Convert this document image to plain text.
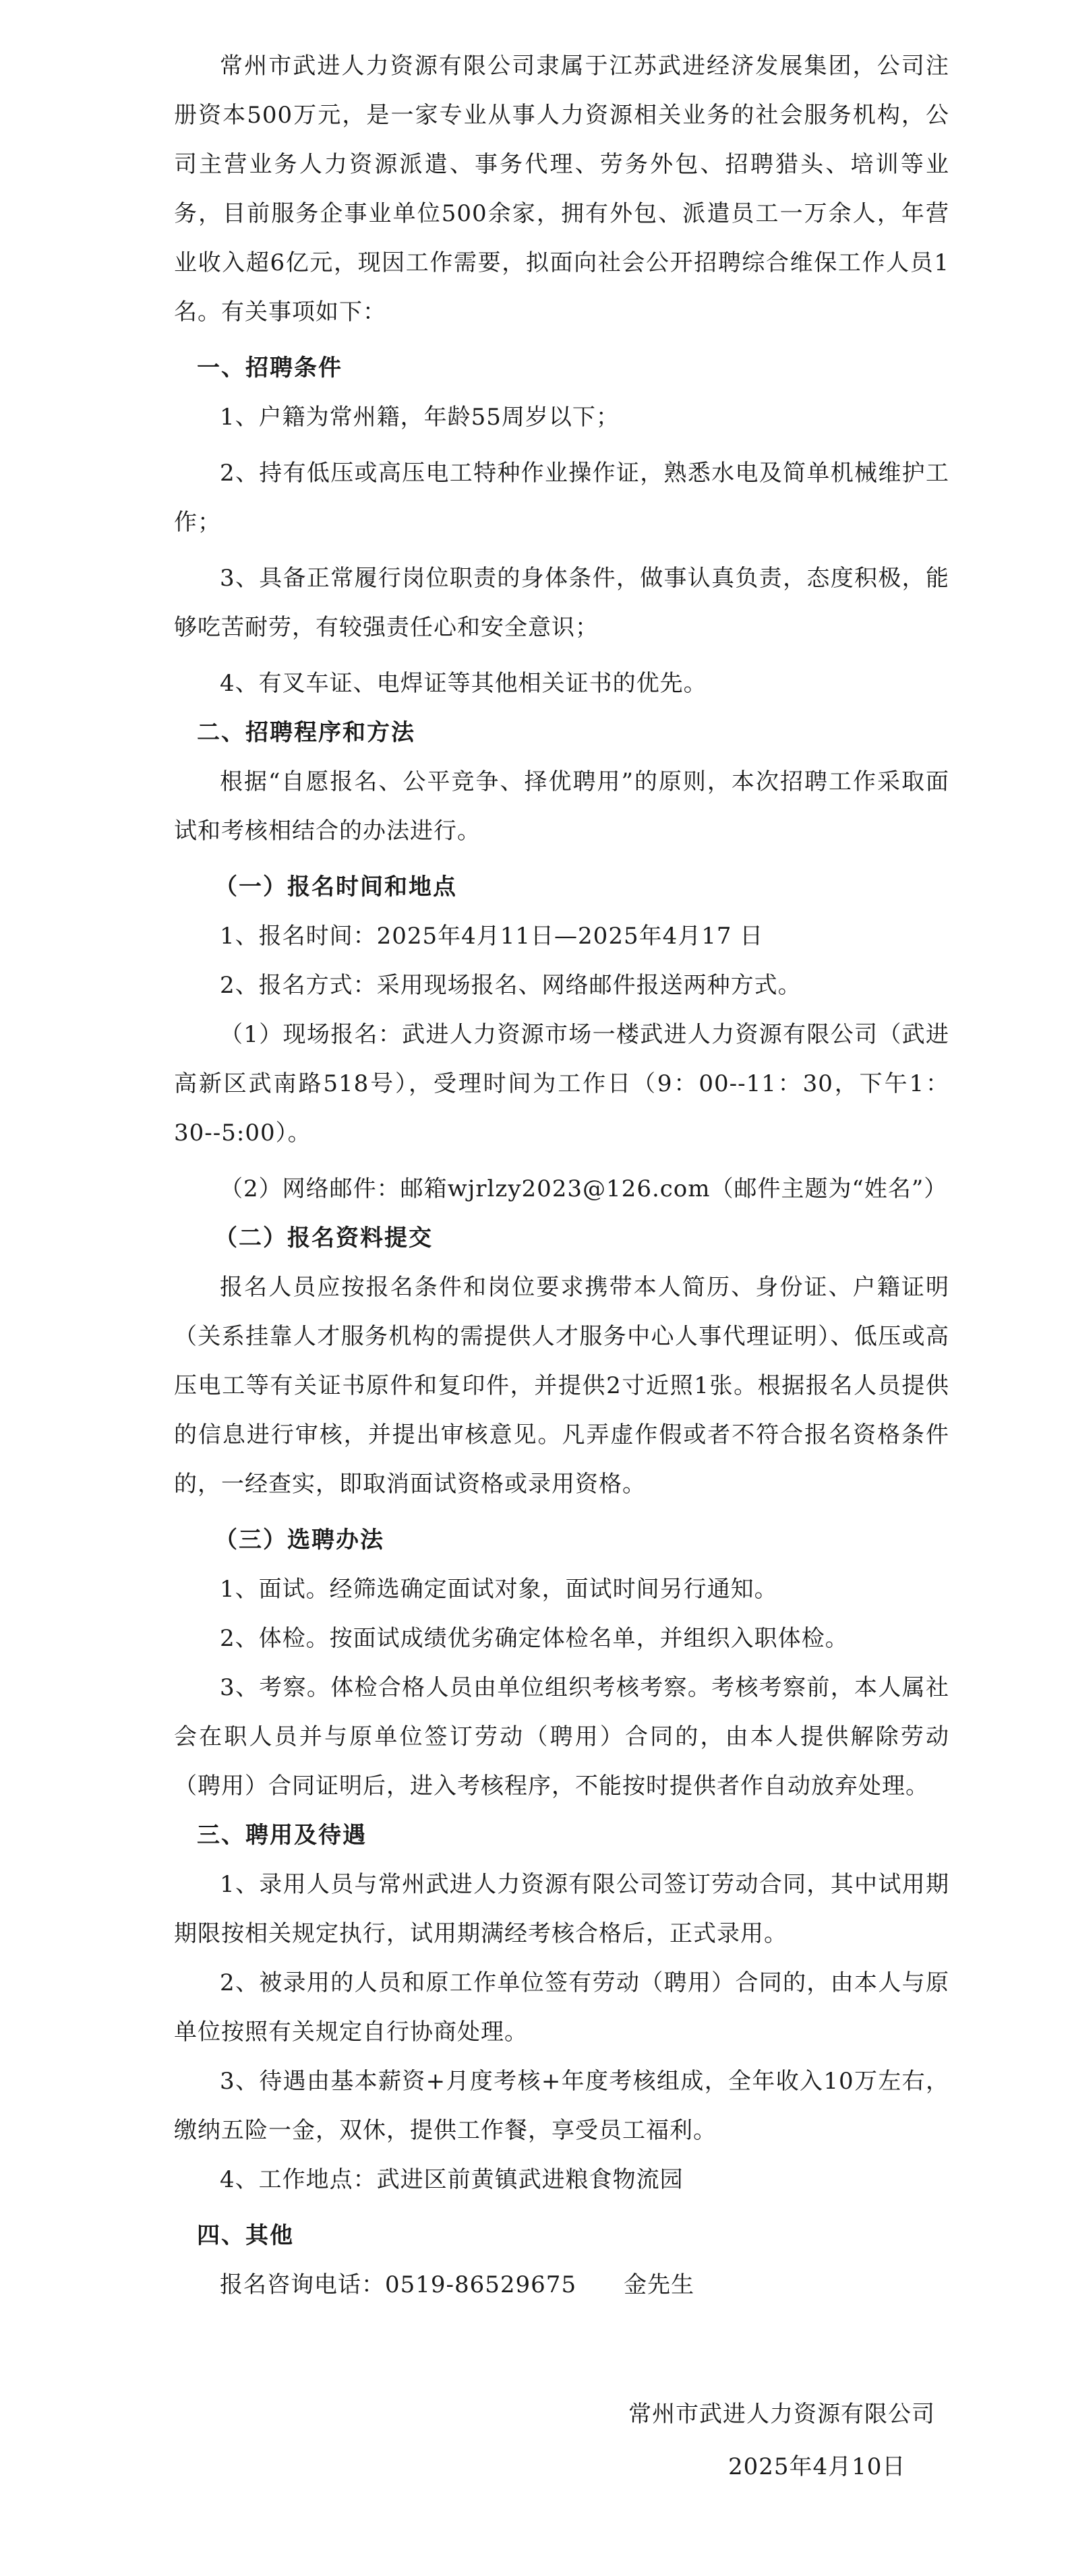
常州市武进人力资源有限公司隶属于江苏武进经济发展集团，公司注册资本500万元，是一家专业从事人力资源相关业务的社会服务机构，公司主营业务人力资源派遣、事务代理、劳务外包、招聘猎头、培训等业务，目前服务企事业单位500余家，拥有外包、派遣员工一万余人，年营业收入超6亿元，现因工作需要，拟面向社会公开招聘综合维保工作人员1名。有关事项如下：

一、招聘条件

1、户籍为常州籍，年龄55周岁以下；

2、持有低压或高压电工特种作业操作证，熟悉水电及简单机械维护工作；

3、具备正常履行岗位职责的身体条件，做事认真负责，态度积极，能够吃苦耐劳，有较强责任心和安全意识；

4、有叉车证、电焊证等其他相关证书的优先。

二、招聘程序和方法

根据“自愿报名、公平竞争、择优聘用”的原则，本次招聘工作采取面试和考核相结合的办法进行。

（一）报名时间和地点

1、报名时间：2025年4月11日—2025年4月17 日

2、报名方式：采用现场报名、网络邮件报送两种方式。

（1）现场报名：武进人力资源市场一楼武进人力资源有限公司（武进高新区武南路518号），受理时间为工作日（9：00--11：30，下午1：30--5:00）。

（2）网络邮件：邮箱wjrlzy2023@126.com（邮件主题为“姓名”）

（二）报名资料提交

报名人员应按报名条件和岗位要求携带本人简历、身份证、户籍证明（关系挂靠人才服务机构的需提供人才服务中心人事代理证明）、低压或高压电工等有关证书原件和复印件，并提供2寸近照1张。根据报名人员提供的信息进行审核，并提出审核意见。凡弄虚作假或者不符合报名资格条件的，一经查实，即取消面试资格或录用资格。

（三）选聘办法

1、面试。经筛选确定面试对象，面试时间另行通知。

2、体检。按面试成绩优劣确定体检名单，并组织入职体检。

3、考察。体检合格人员由单位组织考核考察。考核考察前，本人属社会在职人员并与原单位签订劳动（聘用）合同的，由本人提供解除劳动（聘用）合同证明后，进入考核程序，不能按时提供者作自动放弃处理。

三、聘用及待遇

1、录用人员与常州武进人力资源有限公司签订劳动合同，其中试用期期限按相关规定执行，试用期满经考核合格后，正式录用。

2、被录用的人员和原工作单位签有劳动（聘用）合同的，由本人与原单位按照有关规定自行协商处理。

3、待遇由基本薪资+月度考核+年度考核组成，全年收入10万左右，缴纳五险一金，双休，提供工作餐，享受员工福利。

4、工作地点：武进区前黄镇武进粮食物流园

四、其他

报名咨询电话：0519-86529675 金先生

常州市武进人力资源有限公司
2025年4月10日
